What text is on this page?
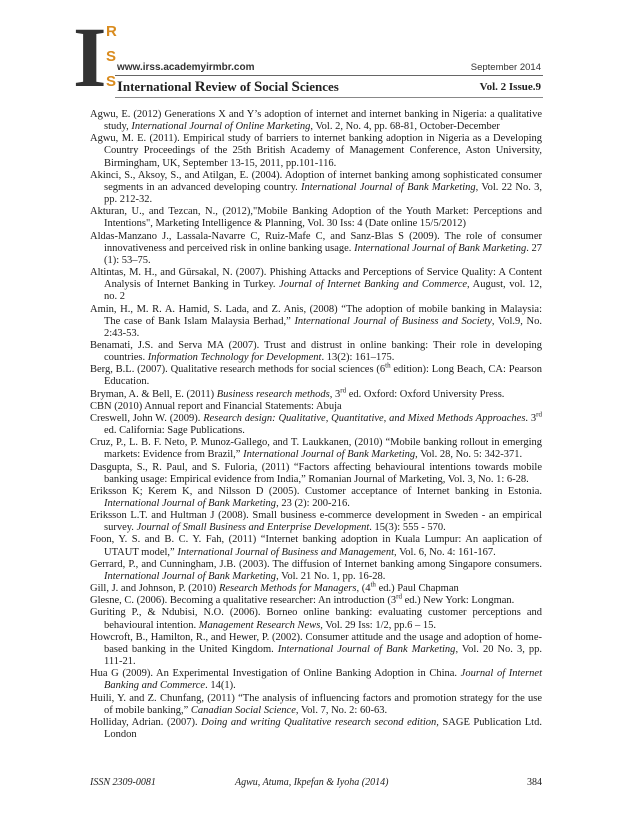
I R
S
S
www.irss.academyirmbr.com	September 2014
International Review of Social Sciences	Vol. 2 Issue.9
Agwu, E. (2012) Generations X and Y’s adoption of internet and internet banking in Nigeria: a qualitative study, International Journal of Online Marketing, Vol. 2, No. 4, pp. 68-81, October-December
Agwu, M. E. (2011). Empirical study of barriers to internet banking adoption in Nigeria as a Developing Country Proceedings of the 25th British Academy of Management Conference, Aston University, Birmingham, UK, September 13-15, 2011, pp.101-116.
Akinci, S., Aksoy, S., and Atilgan, E. (2004). Adoption of internet banking among sophisticated consumer segments in an advanced developing country. International Journal of Bank Marketing, Vol. 22 No. 3, pp. 212-32.
Akturan, U., and Tezcan, N., (2012),"Mobile Banking Adoption of the Youth Market: Perceptions and Intentions", Marketing Intelligence & Planning, Vol. 30 Iss: 4 (Date online 15/5/2012)
Aldas-Manzano J., Lassala-Navarre C, Ruiz-Mafe C, and Sanz-Blas S (2009). The role of consumer innovativeness and perceived risk in online banking usage. International Journal of Bank Marketing. 27 (1): 53–75.
Altintas, M. H., and Gürsakal, N. (2007). Phishing Attacks and Perceptions of Service Quality: A Content Analysis of Internet Banking in Turkey. Journal of Internet Banking and Commerce, August, vol. 12, no. 2
Amin, H., M. R. A. Hamid, S. Lada, and Z. Anis, (2008) “The adoption of mobile banking in Malaysia: The case of Bank Islam Malaysia Berhad,” International Journal of Business and Society, Vol.9, No. 2:43-53.
Benamati, J.S. and Serva MA (2007). Trust and distrust in online banking: Their role in developing countries. Information Technology for Development. 13(2): 161–175.
Berg, B.L. (2007). Qualitative research methods for social sciences (6th edition): Long Beach, CA: Pearson Education.
Bryman, A. & Bell, E. (2011) Business research methods, 3rd ed. Oxford: Oxford University Press.
CBN (2010) Annual report and Financial Statements: Abuja
Creswell, John W. (2009). Research design: Qualitative, Quantitative, and Mixed Methods Approaches. 3rd ed. California: Sage Publications.
Cruz, P., L. B. F. Neto, P. Munoz-Gallego, and T. Laukkanen, (2010) “Mobile banking rollout in emerging markets: Evidence from Brazil,” International Journal of Bank Marketing, Vol. 28, No. 5: 342-371.
Dasgupta, S., R. Paul, and S. Fuloria, (2011) “Factors affecting behavioural intentions towards mobile banking usage: Empirical evidence from India,” Romanian Journal of Marketing, Vol. 3, No. 1: 6-28.
Eriksson K; Kerem K, and Nilsson D (2005). Customer acceptance of Internet banking in Estonia. International Journal of Bank Marketing, 23 (2): 200-216.
Eriksson L.T. and Hultman J (2008). Small business e-commerce development in Sweden - an empirical survey. Journal of Small Business and Enterprise Development. 15(3): 555 - 570.
Foon, Y. S. and B. C. Y. Fah, (2011) “Internet banking adoption in Kuala Lumpur: An aaplication of UTAUT model,” International Journal of Business and Management, Vol. 6, No. 4: 161-167.
Gerrard, P., and Cunningham, J.B. (2003). The diffusion of Internet banking among Singapore consumers. International Journal of Bank Marketing, Vol. 21 No. 1, pp. 16-28.
Gill, J. and Johnson, P. (2010) Research Methods for Managers, (4th ed.) Paul Chapman
Glesne, C. (2006). Becoming a qualitative researcher: An introduction (3rd ed.) New York: Longman.
Guriting P., & Ndubisi, N.O. (2006). Borneo online banking: evaluating customer perceptions and behavioural intention. Management Research News, Vol. 29 Iss: 1/2, pp.6 – 15.
Howcroft, B., Hamilton, R., and Hewer, P. (2002). Consumer attitude and the usage and adoption of home-based banking in the United Kingdom. International Journal of Bank Marketing, Vol. 20 No. 3, pp. 111-21.
Hua G (2009). An Experimental Investigation of Online Banking Adoption in China. Journal of Internet Banking and Commerce. 14(1).
Huili, Y. and Z. Chunfang, (2011) “The analysis of influencing factors and promotion strategy for the use of mobile banking,” Canadian Social Science, Vol. 7, No. 2: 60-63.
Holliday, Adrian. (2007). Doing and writing Qualitative research second edition, SAGE Publication Ltd. London
ISSN 2309-0081	Agwu, Atuma, Ikpefan & Iyoha (2014)	384
